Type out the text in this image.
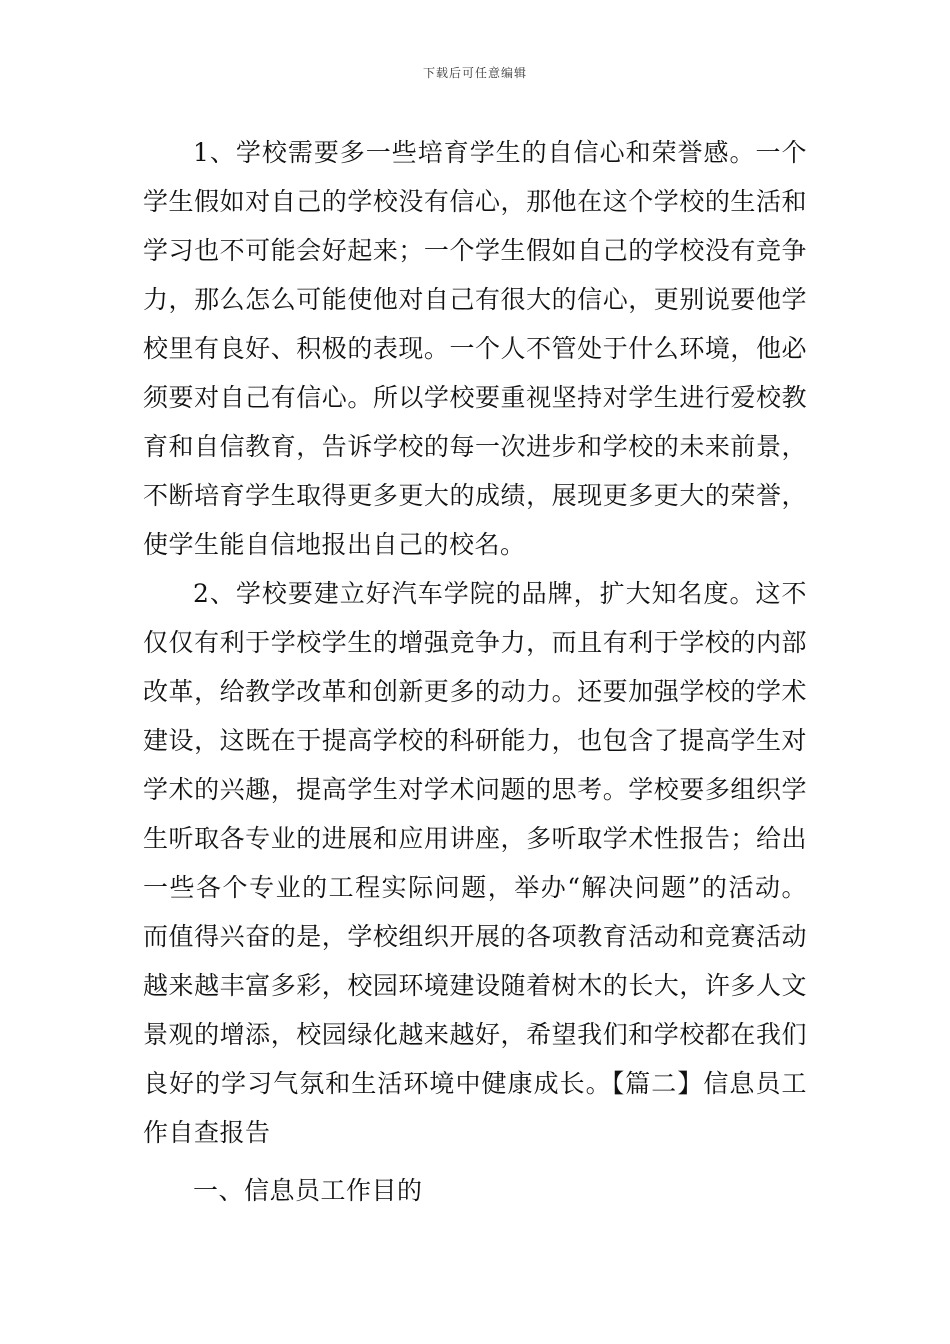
下载后可任意编辑

1、学校需要多一些培育学生的自信心和荣誉感。一个学生假如对自己的学校没有信心，那他在这个学校的生活和学习也不可能会好起来；一个学生假如自己的学校没有竞争力，那么怎么可能使他对自己有很大的信心，更别说要他学校里有良好、积极的表现。一个人不管处于什么环境，他必须要对自己有信心。所以学校要重视坚持对学生进行爱校教育和自信教育，告诉学校的每一次进步和学校的未来前景，不断培育学生取得更多更大的成绩，展现更多更大的荣誉，使学生能自信地报出自己的校名。

2、学校要建立好汽车学院的品牌，扩大知名度。这不仅仅有利于学校学生的增强竞争力，而且有利于学校的内部改革，给教学改革和创新更多的动力。还要加强学校的学术建设，这既在于提高学校的科研能力，也包含了提高学生对学术的兴趣，提高学生对学术问题的思考。学校要多组织学生听取各专业的进展和应用讲座，多听取学术性报告；给出一些各个专业的工程实际问题，举办“解决问题”的活动。而值得兴奋的是，学校组织开展的各项教育活动和竞赛活动越来越丰富多彩，校园环境建设随着树木的长大，许多人文景观的增添，校园绿化越来越好，希望我们和学校都在我们良好的学习气氛和生活环境中健康成长。【篇二】信息员工作自查报告

一、信息员工作目的
